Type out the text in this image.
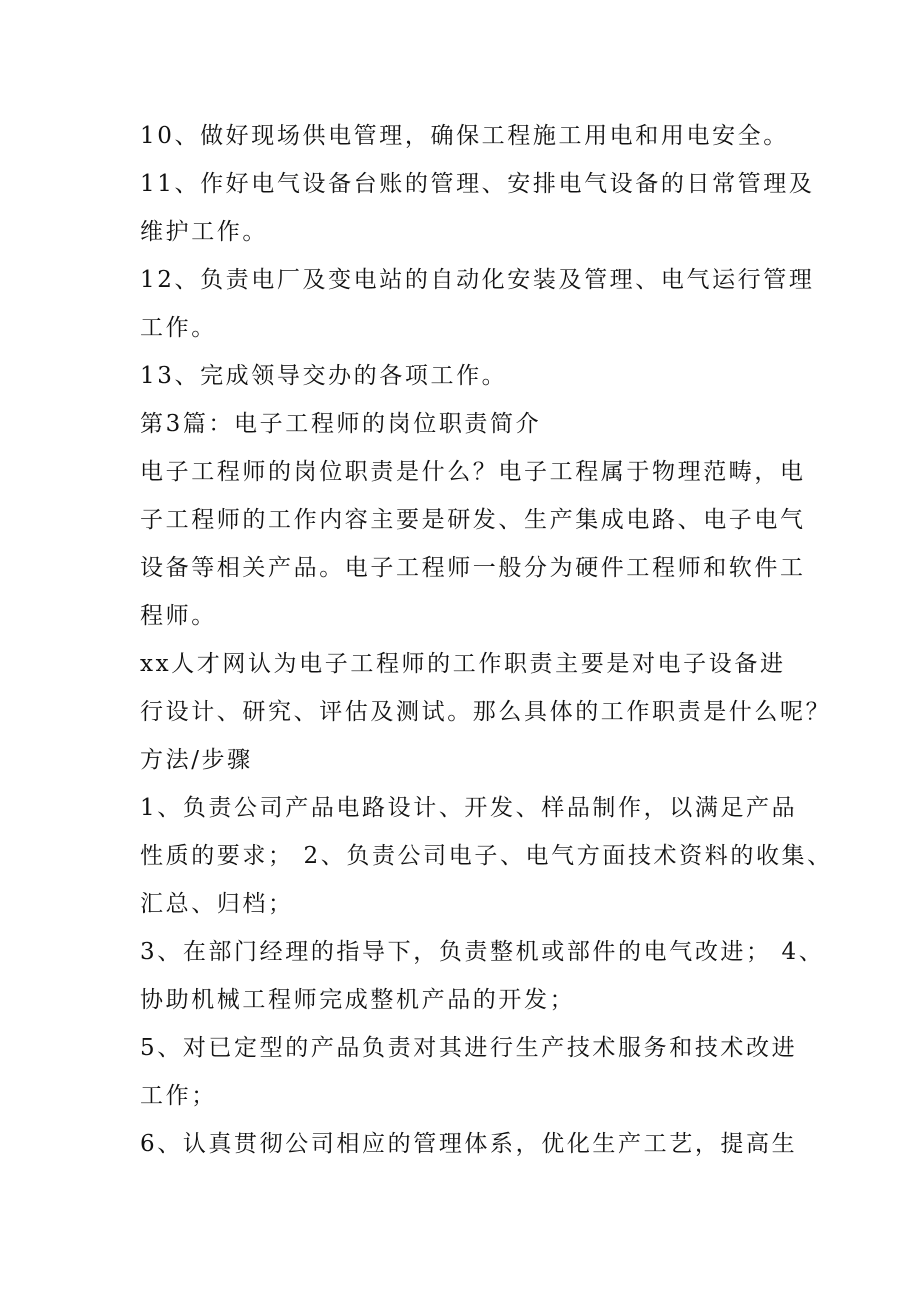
10、做好现场供电管理，确保工程施工用电和用电安全。

11、作好电气设备台账的管理、安排电气设备的日常管理及

维护工作。

12、负责电厂及变电站的自动化安装及管理、电气运行管理

工作。

13、完成领导交办的各项工作。

第3篇：电子工程师的岗位职责简介

电子工程师的岗位职责是什么？电子工程属于物理范畴，电

子工程师的工作内容主要是研发、生产集成电路、电子电气

设备等相关产品。电子工程师一般分为硬件工程师和软件工

程师。

xx人才网认为电子工程师的工作职责主要是对电子设备进

行设计、研究、评估及测试。那么具体的工作职责是什么呢？

方法/步骤

1、负责公司产品电路设计、开发、样品制作，以满足产品

性质的要求； 2、负责公司电子、电气方面技术资料的收集、

汇总、归档；

3、在部门经理的指导下，负责整机或部件的电气改进； 4、

协助机械工程师完成整机产品的开发；

5、对已定型的产品负责对其进行生产技术服务和技术改进

工作；

6、认真贯彻公司相应的管理体系，优化生产工艺，提高生
